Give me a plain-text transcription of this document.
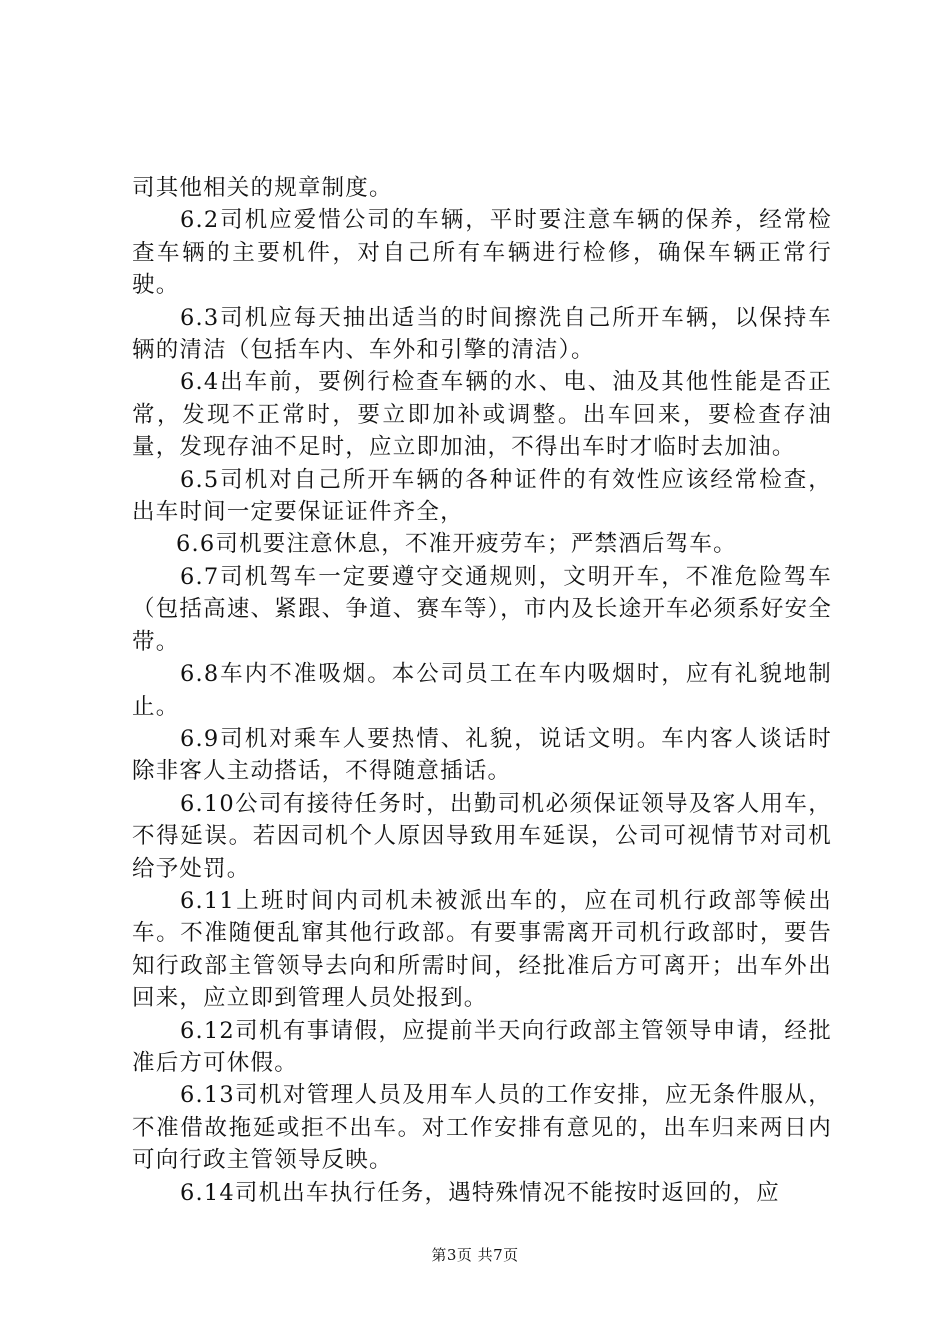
司其他相关的规章制度。

6.2司机应爱惜公司的车辆，平时要注意车辆的保养，经常检查车辆的主要机件，对自己所有车辆进行检修，确保车辆正常行驶。

6.3司机应每天抽出适当的时间擦洗自己所开车辆，以保持车辆的清洁（包括车内、车外和引擎的清洁）。

6.4出车前，要例行检查车辆的水、电、油及其他性能是否正常，发现不正常时，要立即加补或调整。出车回来，要检查存油量，发现存油不足时，应立即加油，不得出车时才临时去加油。

6.5司机对自己所开车辆的各种证件的有效性应该经常检查，出车时间一定要保证证件齐全，

6.6司机要注意休息，不准开疲劳车；严禁酒后驾车。

6.7司机驾车一定要遵守交通规则，文明开车，不准危险驾车（包括高速、紧跟、争道、赛车等），市内及长途开车必须系好安全带。

6.8车内不准吸烟。本公司员工在车内吸烟时，应有礼貌地制止。

6.9司机对乘车人要热情、礼貌，说话文明。车内客人谈话时除非客人主动搭话，不得随意插话。

6.10公司有接待任务时，出勤司机必须保证领导及客人用车，不得延误。若因司机个人原因导致用车延误，公司可视情节对司机给予处罚。

6.11上班时间内司机未被派出车的，应在司机行政部等候出车。不准随便乱窜其他行政部。有要事需离开司机行政部时，要告知行政部主管领导去向和所需时间，经批准后方可离开；出车外出回来，应立即到管理人员处报到。

6.12司机有事请假，应提前半天向行政部主管领导申请，经批准后方可休假。

6.13司机对管理人员及用车人员的工作安排，应无条件服从，不准借故拖延或拒不出车。对工作安排有意见的，出车归来两日内可向行政主管领导反映。

6.14司机出车执行任务，遇特殊情况不能按时返回的，应

第3页 共7页
